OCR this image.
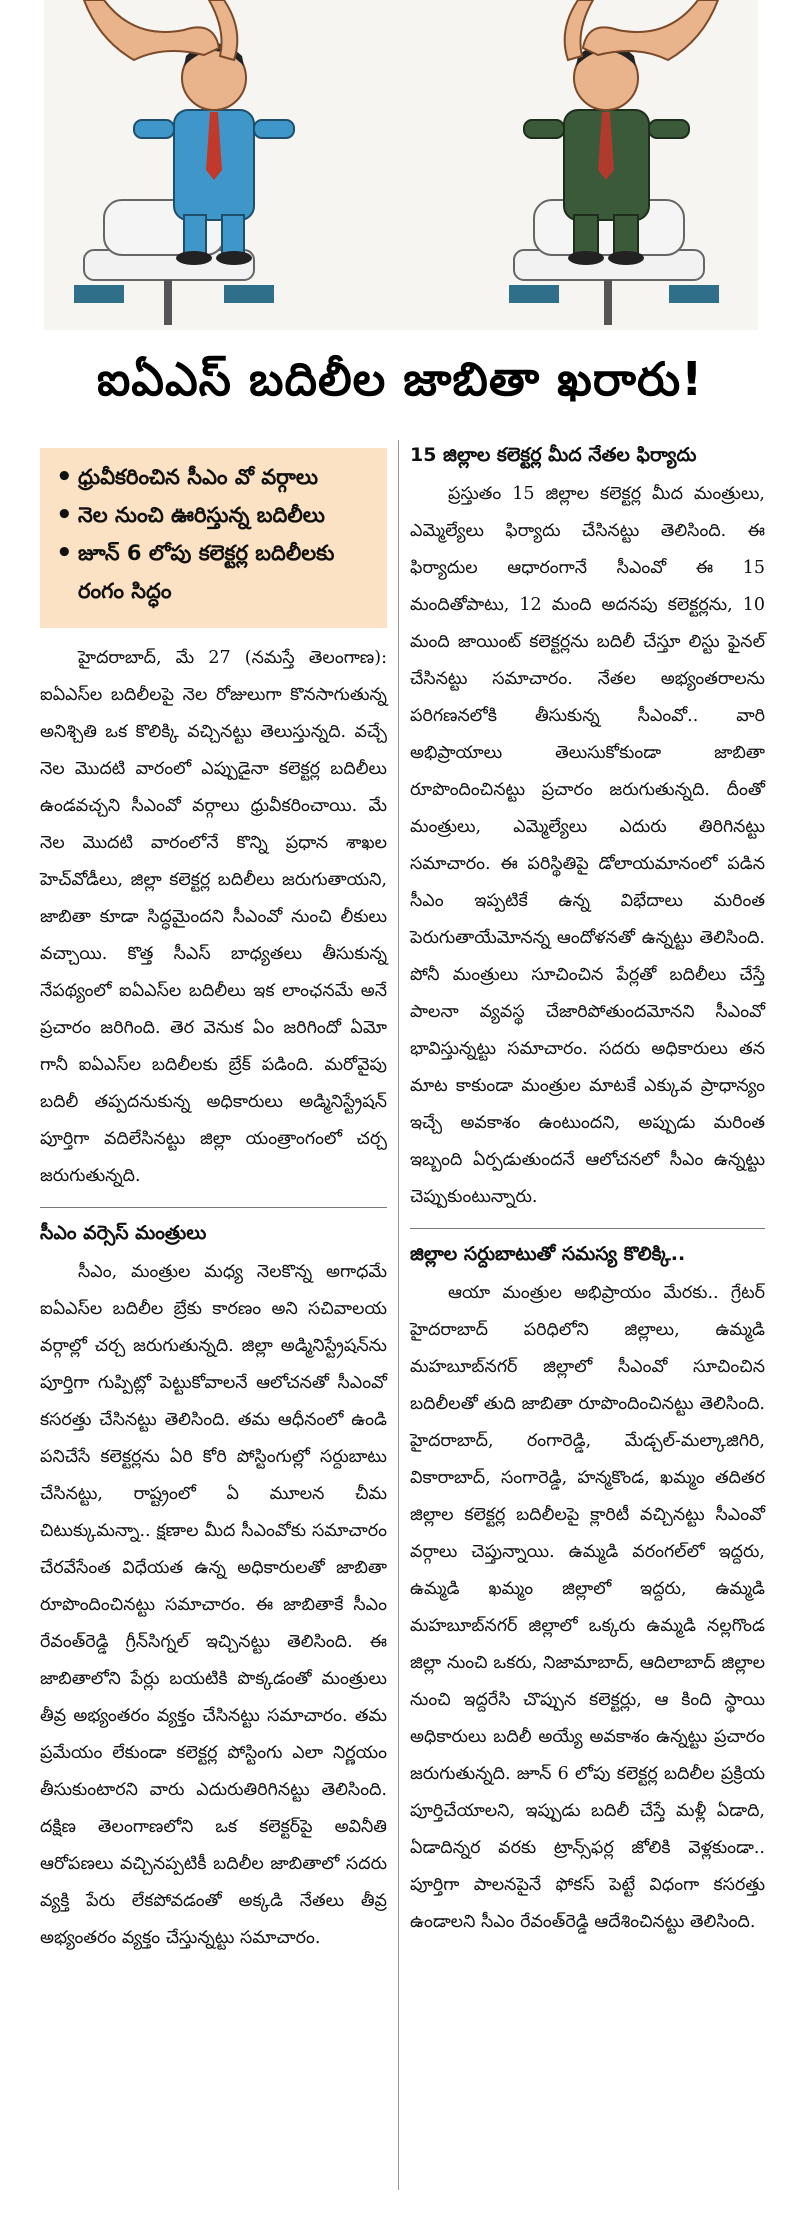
ఐఏఎస్ బదిలీల జాబితా ఖరారు!
• ధ్రువీకరించిన సీఎం వో వర్గాలు
• నెల నుంచి ఊరిస్తున్న బదిలీలు
• జూన్ 6 లోపు కలెక్టర్ల బదిలీలకు రంగం సిద్ధం

హైదరాబాద్, మే 27 (నమస్తే తెలంగాణ): ఐఏఎస్‌ల బదిలీలపై నెల రోజులుగా కొనసాగుతున్న అనిశ్చితి ఒక కొలిక్కి వచ్చినట్టు తెలుస్తున్నది. వచ్చే నెల మొదటి వారంలో ఎప్పుడైనా కలెక్టర్ల బదిలీలు ఉండవచ్చని సీఎంవో వర్గాలు ధ్రువీకరించాయి. మే నెల మొదటి వారంలోనే కొన్ని ప్రధాన శాఖల హెచ్‌వోడీలు, జిల్లా కలెక్టర్ల బదిలీలు జరుగుతాయని, జాబితా కూడా సిద్ధమైందని సీఎంవో నుంచి లీకులు వచ్చాయి. కొత్త సీఎస్ బాధ్యతలు తీసుకున్న నేపథ్యంలో ఐఏఎస్‌ల బదిలీలు ఇక లాంఛనమే అనే ప్రచారం జరిగింది. తెర వెనుక ఏం జరిగిందో ఏమో గానీ ఐఏఎస్‌ల బదిలీలకు బ్రేక్ పడింది. మరోవైపు బదిలీ తప్పదనుకున్న అధికారులు అడ్మినిస్ట్రేషన్ పూర్తిగా వదిలేసినట్టు జిల్లా యంత్రాంగంలో చర్చ జరుగుతున్నది.

సీఎం వర్సెస్ మంత్రులు

సీఎం, మంత్రుల మధ్య నెలకొన్న అగాధమే ఐఏఎస్‌ల బదిలీల బ్రేకు కారణం అని సచివాలయ వర్గాల్లో చర్చ జరుగుతున్నది. జిల్లా అడ్మినిస్ట్రేషన్‌ను పూర్తిగా గుప్పిట్లో పెట్టుకోవాలనే ఆలోచనతో సీఎంవో కసరత్తు చేసినట్టు తెలిసింది. తమ ఆధీనంలో ఉండి పనిచేసే కలెక్టర్లను ఏరి కోరి పోస్టింగుల్లో సర్దుబాటు చేసినట్టు, రాష్ట్రంలో ఏ మూలన చీమ చిటుక్కుమన్నా.. క్షణాల మీద సీఎంవోకు సమాచారం చేరవేసేంత విధేయత ఉన్న అధికారులతో జాబితా రూపొందించినట్టు సమాచారం. ఈ జాబితాకే సీఎం రేవంత్‌రెడ్డి గ్రీన్‌సిగ్నల్ ఇచ్చినట్టు తెలిసింది. ఈ జాబితాలోని పేర్లు బయటికి పొక్కడంతో మంత్రులు తీవ్ర అభ్యంతరం వ్యక్తం చేసినట్టు సమాచారం. తమ ప్రమేయం లేకుండా కలెక్టర్ల పోస్టింగు ఎలా నిర్ణయం తీసుకుంటారని వారు ఎదురుతిరిగినట్టు తెలిసింది. దక్షిణ తెలంగాణలోని ఒక కలెక్టర్‌పై అవినీతి ఆరోపణలు వచ్చినప్పటికీ బదిలీల జాబితాలో సదరు వ్యక్తి పేరు లేకపోవడంతో అక్కడి నేతలు తీవ్ర అభ్యంతరం వ్యక్తం చేస్తున్నట్టు సమాచారం.

15 జిల్లాల కలెక్టర్ల మీద నేతల ఫిర్యాదు

ప్రస్తుతం 15 జిల్లాల కలెక్టర్ల మీద మంత్రులు, ఎమ్మెల్యేలు ఫిర్యాదు చేసినట్టు తెలిసింది. ఈ ఫిర్యాదుల ఆధారంగానే సీఎంవో ఈ 15 మందితోపాటు, 12 మంది అదనపు కలెక్టర్లను, 10 మంది జాయింట్ కలెక్టర్లను బదిలీ చేస్తూ లిస్టు ఫైనల్ చేసినట్టు సమాచారం. నేతల అభ్యంతరాలను పరిగణనలోకి తీసుకున్న సీఎంవో.. వారి అభిప్రాయాలు తెలుసుకోకుండా జాబితా రూపొందించినట్టు ప్రచారం జరుగుతున్నది. దీంతో మంత్రులు, ఎమ్మెల్యేలు ఎదురు తిరిగినట్టు సమాచారం. ఈ పరిస్థితిపై డోలాయమానంలో పడిన సీఎం ఇప్పటికే ఉన్న విభేదాలు మరింత పెరుగుతాయేమోనన్న ఆందోళనతో ఉన్నట్టు తెలిసింది. పోనీ మంత్రులు సూచించిన పేర్లతో బదిలీలు చేస్తే పాలనా వ్యవస్థ చేజారిపోతుందమోనని సీఎంవో భావిస్తున్నట్టు సమాచారం. సదరు అధికారులు తన మాట కాకుండా మంత్రుల మాటకే ఎక్కువ ప్రాధాన్యం ఇచ్చే అవకాశం ఉంటుందని, అప్పుడు మరింత ఇబ్బంది ఏర్పడుతుందనే ఆలోచనలో సీఎం ఉన్నట్టు చెప్పుకుంటున్నారు.

జిల్లాల సర్దుబాటుతో సమస్య కొలిక్కి..

ఆయా మంత్రుల అభిప్రాయం మేరకు.. గ్రేటర్ హైదరాబాద్ పరిధిలోని జిల్లాలు, ఉమ్మడి మహబూబ్‌నగర్ జిల్లాలో సీఎంవో సూచించిన బదిలీలతో తుది జాబితా రూపొందించినట్టు తెలిసింది. హైదరాబాద్, రంగారెడ్డి, మేడ్చల్-మల్కాజిగిరి, వికారాబాద్, సంగారెడ్డి, హన్మకొండ, ఖమ్మం తదితర జిల్లాల కలెక్టర్ల బదిలీలపై క్లారిటీ వచ్చినట్టు సీఎంవో వర్గాలు చెప్తున్నాయి. ఉమ్మడి వరంగల్‌లో ఇద్దరు, ఉమ్మడి ఖమ్మం జిల్లాలో ఇద్దరు, ఉమ్మడి మహబూబ్‌నగర్ జిల్లాలో ఒక్కరు ఉమ్మడి నల్లగొండ జిల్లా నుంచి ఒకరు, నిజామాబాద్, ఆదిలాబాద్ జిల్లాల నుంచి ఇద్దరేసి చొప్పున కలెక్టర్లు, ఆ కింది స్థాయి అధికారులు బదిలీ అయ్యే అవకాశం ఉన్నట్టు ప్రచారం జరుగుతున్నది. జూన్ 6 లోపు కలెక్టర్ల బదిలీల ప్రక్రియ పూర్తిచేయాలని, ఇప్పుడు బదిలీ చేస్తే మళ్లీ ఏడాది, ఏడాదిన్నర వరకు ట్రాన్స్‌ఫర్ల జోలికి వెళ్లకుండా.. పూర్తిగా పాలనపైనే ఫోకస్ పెట్టే విధంగా కసరత్తు ఉండాలని సీఎం రేవంత్‌రెడ్డి ఆదేశించినట్టు తెలిసింది.
